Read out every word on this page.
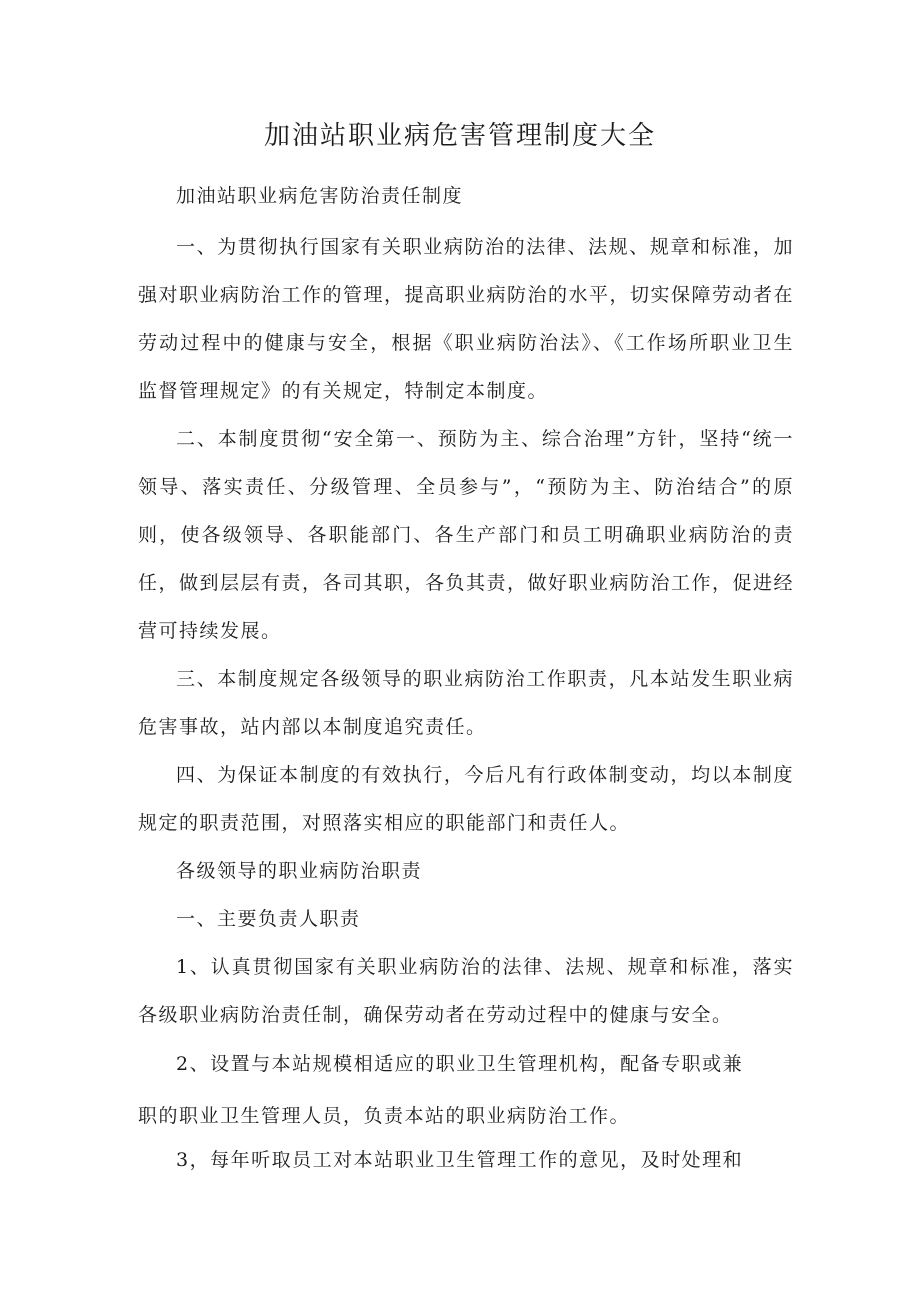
加油站职业病危害管理制度大全

加油站职业病危害防治责任制度

一、为贯彻执行国家有关职业病防治的法律、法规、规章和标准，加强对职业病防治工作的管理，提高职业病防治的水平，切实保障劳动者在劳动过程中的健康与安全，根据《职业病防治法》、《工作场所职业卫生监督管理规定》的有关规定，特制定本制度。

二、本制度贯彻“安全第一、预防为主、综合治理”方针，坚持“统一领导、落实责任、分级管理、全员参与”，“预防为主、防治结合”的原则，使各级领导、各职能部门、各生产部门和员工明确职业病防治的责任，做到层层有责，各司其职，各负其责，做好职业病防治工作，促进经营可持续发展。

三、本制度规定各级领导的职业病防治工作职责，凡本站发生职业病危害事故，站内部以本制度追究责任。

四、为保证本制度的有效执行，今后凡有行政体制变动，均以本制度规定的职责范围，对照落实相应的职能部门和责任人。

各级领导的职业病防治职责

一、主要负责人职责

1、认真贯彻国家有关职业病防治的法律、法规、规章和标准，落实各级职业病防治责任制，确保劳动者在劳动过程中的健康与安全。

2、设置与本站规模相适应的职业卫生管理机构，配备专职或兼

职的职业卫生管理人员，负责本站的职业病防治工作。

3，每年听取员工对本站职业卫生管理工作的意见，及时处理和
